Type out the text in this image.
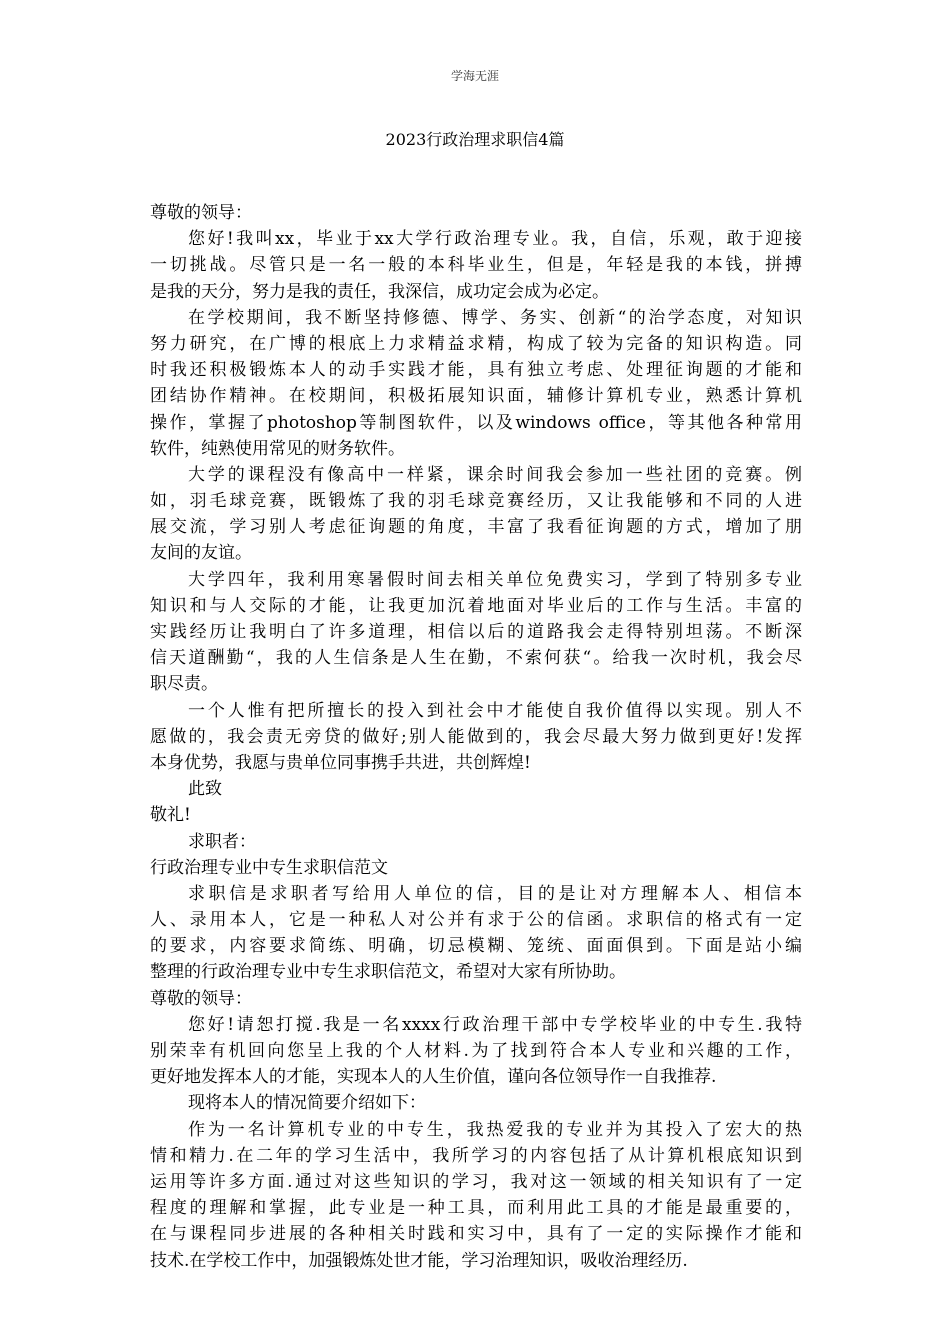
学海无涯
2023行政治理求职信4篇
尊敬的领导：
您好!我叫xx，毕业于xx大学行政治理专业。我，自信，乐观，敢于迎接
一切挑战。尽管只是一名一般的本科毕业生，但是，年轻是我的本钱，拼搏
是我的天分，努力是我的责任，我深信，成功定会成为必定。
在学校期间，我不断坚持修德、博学、务实、创新“的治学态度，对知识
努力研究，在广博的根底上力求精益求精，构成了较为完备的知识构造。同
时我还积极锻炼本人的动手实践才能，具有独立考虑、处理征询题的才能和
团结协作精神。在校期间，积极拓展知识面，辅修计算机专业，熟悉计算机
操作，掌握了photoshop等制图软件，以及windows office，等其他各种常用
软件，纯熟使用常见的财务软件。
大学的课程没有像高中一样紧，课余时间我会参加一些社团的竞赛。例
如，羽毛球竞赛，既锻炼了我的羽毛球竞赛经历，又让我能够和不同的人进
展交流，学习别人考虑征询题的角度，丰富了我看征询题的方式，增加了朋
友间的友谊。
大学四年，我利用寒暑假时间去相关单位免费实习，学到了特别多专业
知识和与人交际的才能，让我更加沉着地面对毕业后的工作与生活。丰富的
实践经历让我明白了许多道理，相信以后的道路我会走得特别坦荡。不断深
信天道酬勤“，我的人生信条是人生在勤，不索何获“。给我一次时机，我会尽
职尽责。
一个人惟有把所擅长的投入到社会中才能使自我价值得以实现。别人不
愿做的，我会责无旁贷的做好;别人能做到的，我会尽最大努力做到更好!发挥
本身优势，我愿与贵单位同事携手共进，共创辉煌!
此致
敬礼!
求职者：
行政治理专业中专生求职信范文
求职信是求职者写给用人单位的信，目的是让对方理解本人、相信本
人、录用本人，它是一种私人对公并有求于公的信函。求职信的格式有一定
的要求，内容要求简练、明确，切忌模糊、笼统、面面俱到。下面是站小编
整理的行政治理专业中专生求职信范文，希望对大家有所协助。
尊敬的领导：
您好!请恕打搅.我是一名xxxx行政治理干部中专学校毕业的中专生.我特
别荣幸有机回向您呈上我的个人材料.为了找到符合本人专业和兴趣的工作，
更好地发挥本人的才能，实现本人的人生价值，谨向各位领导作一自我推荐.
现将本人的情况简要介绍如下：
作为一名计算机专业的中专生，我热爱我的专业并为其投入了宏大的热
情和精力.在二年的学习生活中，我所学习的内容包括了从计算机根底知识到
运用等许多方面.通过对这些知识的学习，我对这一领域的相关知识有了一定
程度的理解和掌握，此专业是一种工具，而利用此工具的才能是最重要的，
在与课程同步进展的各种相关时践和实习中，具有了一定的实际操作才能和
技术.在学校工作中，加强锻炼处世才能，学习治理知识，吸收治理经历.
